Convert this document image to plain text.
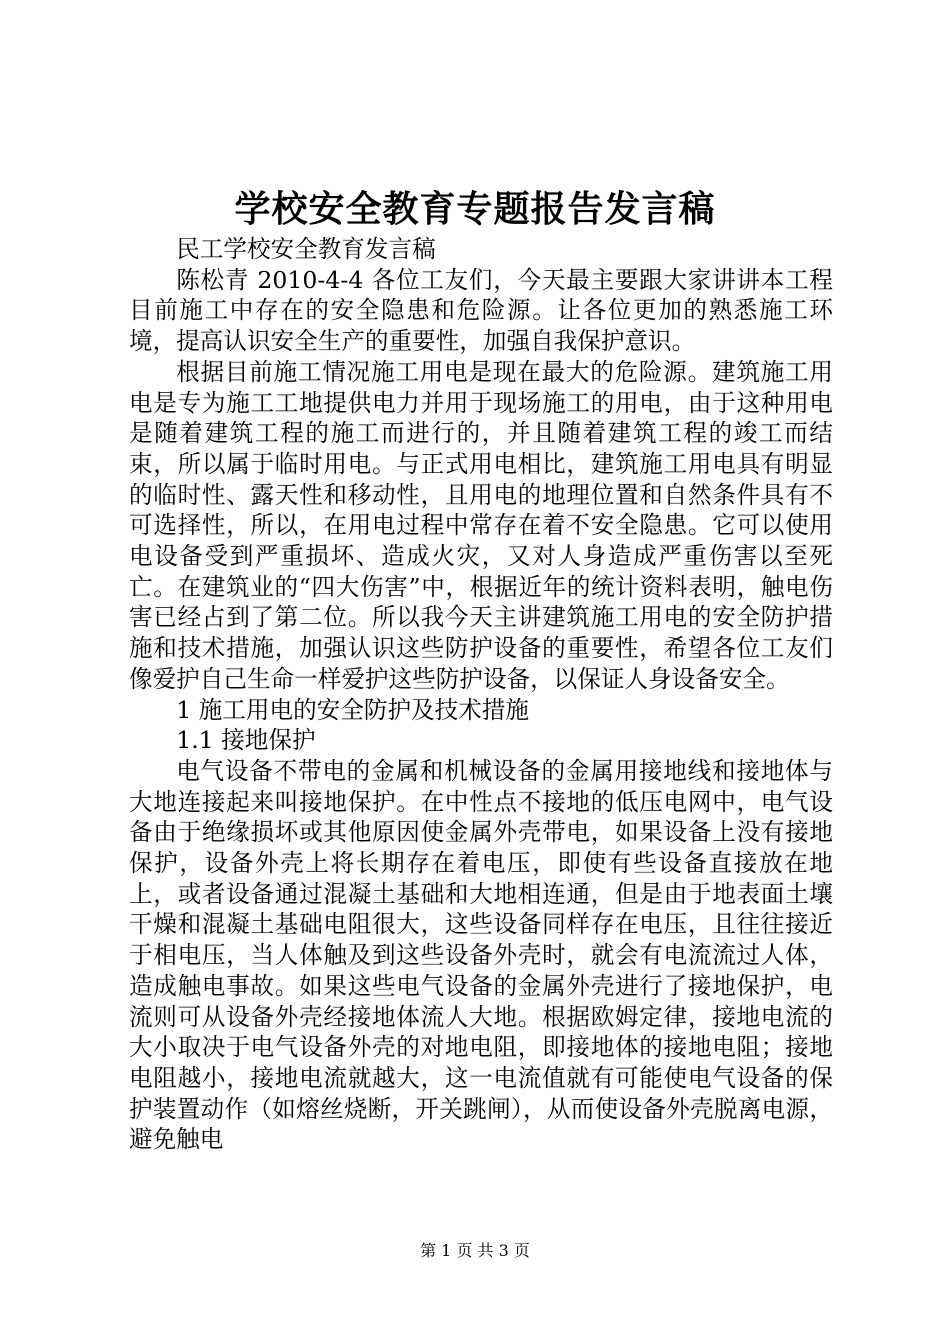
学校安全教育专题报告发言稿

民工学校安全教育发言稿

陈松青 2010-4-4 各位工友们，今天最主要跟大家讲讲本工程目前施工中存在的安全隐患和危险源。让各位更加的熟悉施工环境，提高认识安全生产的重要性，加强自我保护意识。

根据目前施工情况施工用电是现在最大的危险源。建筑施工用电是专为施工工地提供电力并用于现场施工的用电，由于这种用电是随着建筑工程的施工而进行的，并且随着建筑工程的竣工而结束，所以属于临时用电。与正式用电相比，建筑施工用电具有明显的临时性、露天性和移动性，且用电的地理位置和自然条件具有不可选择性，所以，在用电过程中常存在着不安全隐患。它可以使用电设备受到严重损坏、造成火灾，又对人身造成严重伤害以至死亡。在建筑业的“四大伤害”中，根据近年的统计资料表明，触电伤害已经占到了第二位。所以我今天主讲建筑施工用电的安全防护措施和技术措施，加强认识这些防护设备的重要性，希望各位工友们像爱护自己生命一样爱护这些防护设备，以保证人身设备安全。

1 施工用电的安全防护及技术措施

1.1 接地保护

电气设备不带电的金属和机械设备的金属用接地线和接地体与大地连接起来叫接地保护。在中性点不接地的低压电网中，电气设备由于绝缘损坏或其他原因使金属外壳带电，如果设备上没有接地保护，设备外壳上将长期存在着电压，即使有些设备直接放在地上，或者设备通过混凝土基础和大地相连通，但是由于地表面土壤干燥和混凝土基础电阻很大，这些设备同样存在电压，且往往接近于相电压，当人体触及到这些设备外壳时，就会有电流流过人体，造成触电事故。如果这些电气设备的金属外壳进行了接地保护，电流则可从设备外壳经接地体流人大地。根据欧姆定律，接地电流的大小取决于电气设备外壳的对地电阻，即接地体的接地电阻；接地电阻越小，接地电流就越大，这一电流值就有可能使电气设备的保护装置动作（如熔丝烧断，开关跳闸），从而使设备外壳脱离电源，避免触电

第 1 页 共 3 页
